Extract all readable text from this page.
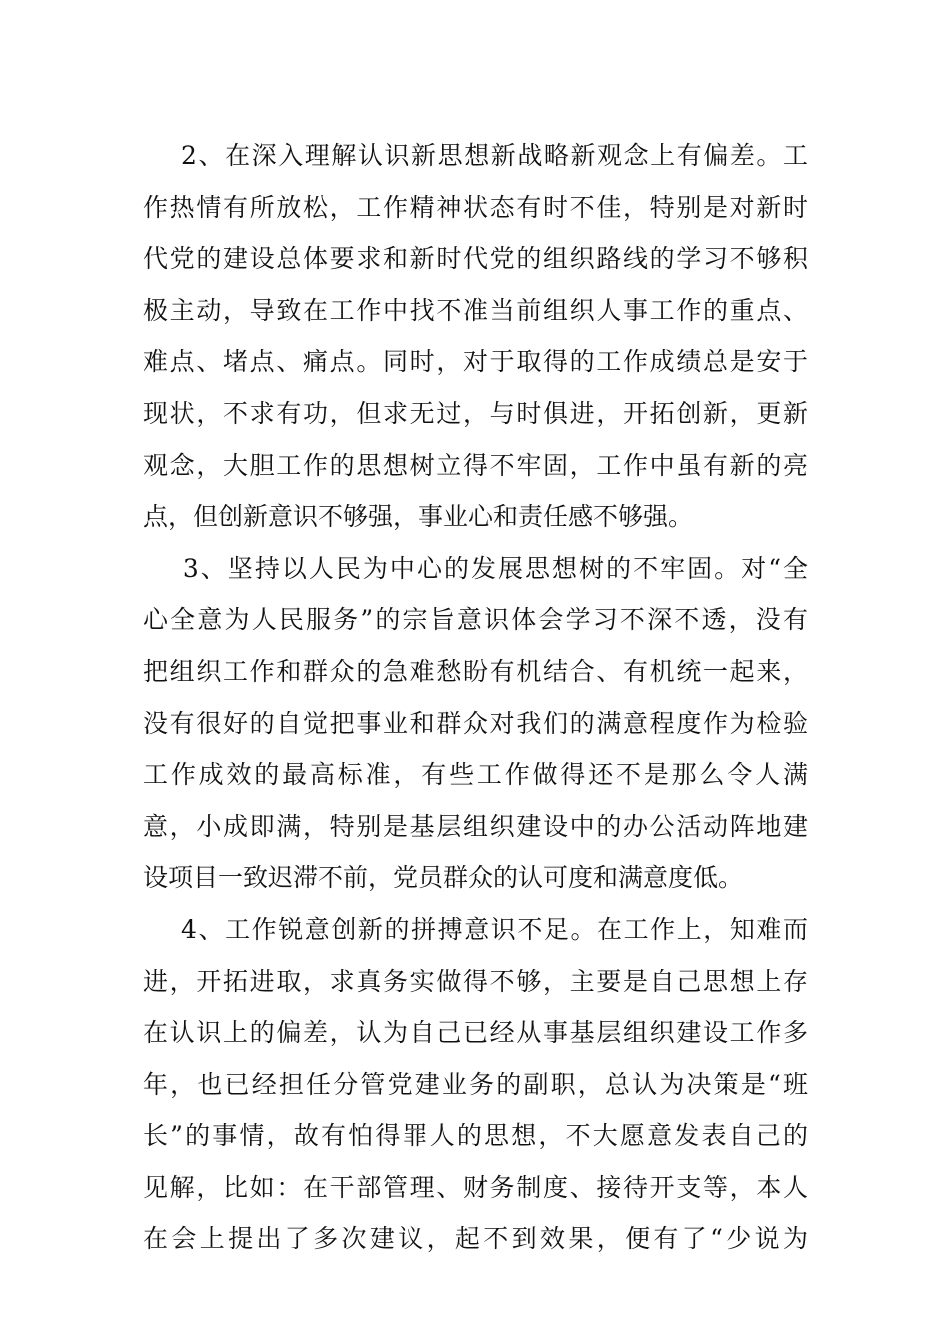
2、在深入理解认识新思想新战略新观念上有偏差。工
作热情有所放松，工作精神状态有时不佳，特别是对新时
代党的建设总体要求和新时代党的组织路线的学习不够积
极主动，导致在工作中找不准当前组织人事工作的重点、
难点、堵点、痛点。同时，对于取得的工作成绩总是安于
现状，不求有功，但求无过，与时俱进，开拓创新，更新
观念，大胆工作的思想树立得不牢固，工作中虽有新的亮
点，但创新意识不够强，事业心和责任感不够强。
3、坚持以人民为中心的发展思想树的不牢固。对“全
心全意为人民服务”的宗旨意识体会学习不深不透，没有
把组织工作和群众的急难愁盼有机结合、有机统一起来，
没有很好的自觉把事业和群众对我们的满意程度作为检验
工作成效的最高标准，有些工作做得还不是那么令人满
意，小成即满，特别是基层组织建设中的办公活动阵地建
设项目一致迟滞不前，党员群众的认可度和满意度低。
4、工作锐意创新的拼搏意识不足。在工作上，知难而
进，开拓进取，求真务实做得不够，主要是自己思想上存
在认识上的偏差，认为自己已经从事基层组织建设工作多
年，也已经担任分管党建业务的副职，总认为决策是“班
长”的事情，故有怕得罪人的思想，不大愿意发表自己的
见解，比如：在干部管理、财务制度、接待开支等，本人
在会上提出了多次建议，起不到效果，便有了“少说为
